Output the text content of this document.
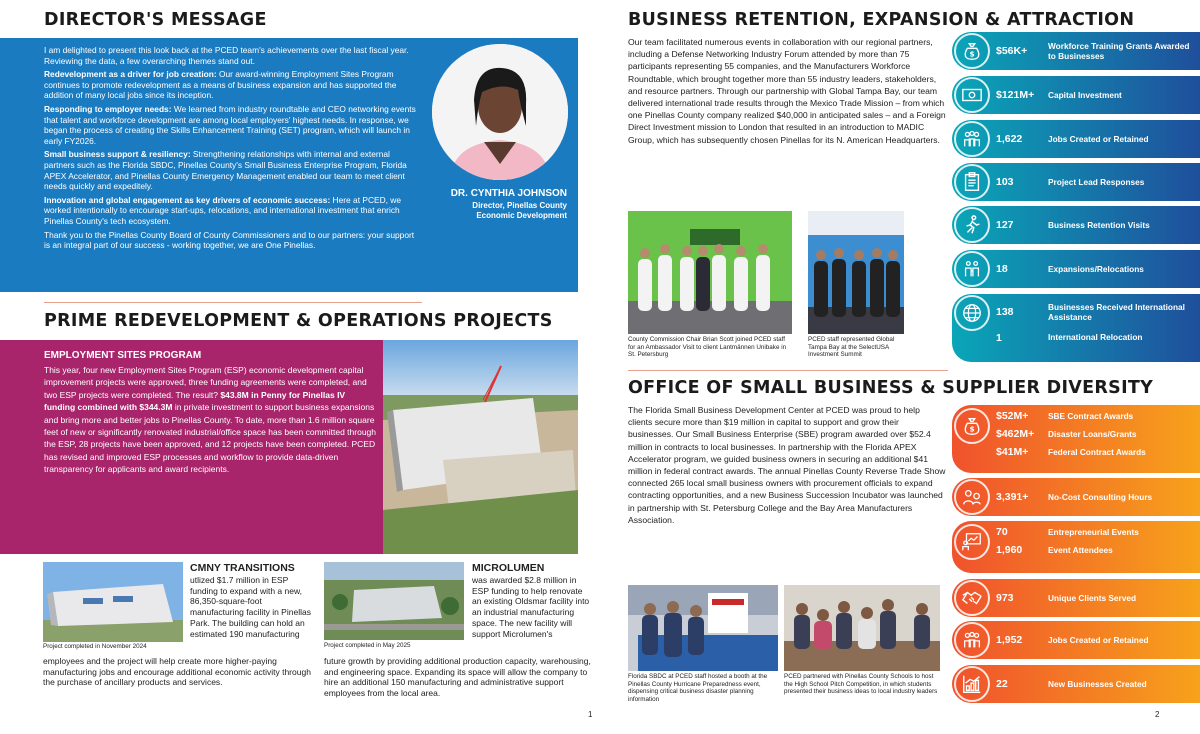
DIRECTOR'S MESSAGE

I am delighted to present this look back at the PCED team's achievements over the last fiscal year. Reviewing the data, a few overarching themes stand out.

Redevelopment as a driver for job creation: Our award-winning Employment Sites Program continues to promote redevelopment as a means of business expansion and has supported the addition of many local jobs since its inception.

Responding to employer needs: We learned from industry roundtable and CEO networking events that talent and workforce development are among local employers' highest needs. In response, we began the process of creating the Skills Enhancement Training (SET) program, which will launch in early FY2026.

Small business support & resiliency: Strengthening relationships with internal and external partners such as the Florida SBDC, Pinellas County's Small Business Enterprise Program, Florida APEX Accelerator, and Pinellas County Emergency Management enabled our team to meet client needs quickly and expeditely.

Innovation and global engagement as key drivers of economic success: Here at PCED, we worked intentionally to encourage start-ups, relocations, and international investment that enrich Pinellas County's tech ecosystem.

Thank you to the Pinellas County Board of County Commissioners and to our partners: your support is an integral part of our success - working together, we are One Pinellas.

DR. CYNTHIA JOHNSON
Director, Pinellas County
Economic Development
PRIME REDEVELOPMENT & OPERATIONS PROJECTS
EMPLOYMENT SITES PROGRAM

This year, four new Employment Sites Program (ESP) economic development capital improvement projects were approved, three funding agreements were completed, and two ESP projects were completed. The result? $43.8M in Penny for Pinellas IV funding combined with $344.3M in private investment to support business expansions and bring more and better jobs to Pinellas County. To date, more than 1.6 million square feet of new or significantly renovated industrial/office space has been committed through the ESP, 28 projects have been approved, and 12 projects have been completed. PCED has revised and improved ESP processes and workflow to provide data-driven transparency for applicants and award recipients.

Project completed in November 2024
CMNY TRANSITIONS

utlized $1.7 million in ESP funding to expand with a new, 86,350-square-foot manufacturing facility in Pinellas Park. The building can hold an estimated 190 manufacturing

employees and the project will help create more higher-paying manufacturing jobs and encourage additional economic activity through the purchase of ancillary products and services.

Project completed in May 2025
MICROLUMEN

was awarded $2.8 million in ESP funding to help renovate an existing Oldsmar facility into an industrial manufacturing space. The new facility will support Microlumen's

future growth by providing additional production capacity, warehousing, and engineering space. Expanding its space will allow the company to hire an additional 150 manufacturing and administrative support employees from the local area.

1
BUSINESS RETENTION, EXPANSION & ATTRACTION

Our team facilitated numerous events in collaboration with our regional partners, including a Defense Networking Industry Forum attended by more than 75 participants representing 55 companies, and the Manufacturers Workforce Roundtable, which brought together more than 55 industry leaders, stakeholders, and resource partners. Through our partnership with Global Tampa Bay, our team delivered international trade results through the Mexico Trade Mission – from which one Pinellas County company realized $40,000 in anticipated sales – and a Foreign Direct Investment mission to London that resulted in an introduction to MADIC Group, which has subsequently chosen Pinellas for its N. American Headquarters.

County Commission Chair Brian Scott joined PCED staff for an Ambassador Visit to client Lantmännen Unibake in St. Petersburg
PCED staff represented Global Tampa Bay at the SelectUSA Investment Summit
$ $56K+	Workforce Training Grants Awarded to Businesses
$121M+ Capital Investment
1,622	Jobs Created or Retained
103	Project Lead Responses
127	Business Retention Visits
18	Expansions/Relocations
138	Businesses Received International Assistance
1	International Relocation
OFFICE OF SMALL BUSINESS & SUPPLIER DIVERSITY

The Florida Small Business Development Center at PCED was proud to help clients secure more than $19 million in capital to support and grow their businesses. Our Small Business Enterprise (SBE) program awarded over $52.4 million in contracts to local businesses. In partnership with the Florida APEX Accelerator program, we guided business owners in securing an additional $41 million in federal contract awards. The annual Pinellas County Reverse Trade Show connected 265 local small business owners with procurement officials to expand contracting opportunities, and a new Business Succession Incubator was launched in partnership with St. Petersburg College and the Bay Area Manufacturers Association.

Florida SBDC at PCED staff hosted a booth at the Pinellas County Hurricane Preparedness event, dispensing critical business disaster planning information
PCED partnered with Pinellas County Schools to host the High School Pitch Competition, in which students presented their business ideas to local industry leaders
$
$52M+ SBE Contract Awards
$462M+ Disaster Loans/Grants
$41M+ Federal Contract Awards
3,391+ No-Cost Consulting Hours
70	Entrepreneurial Events
1,960	Event Attendees
973	Unique Clients Served
1,952	Jobs Created or Retained
22	New Businesses Created
2
